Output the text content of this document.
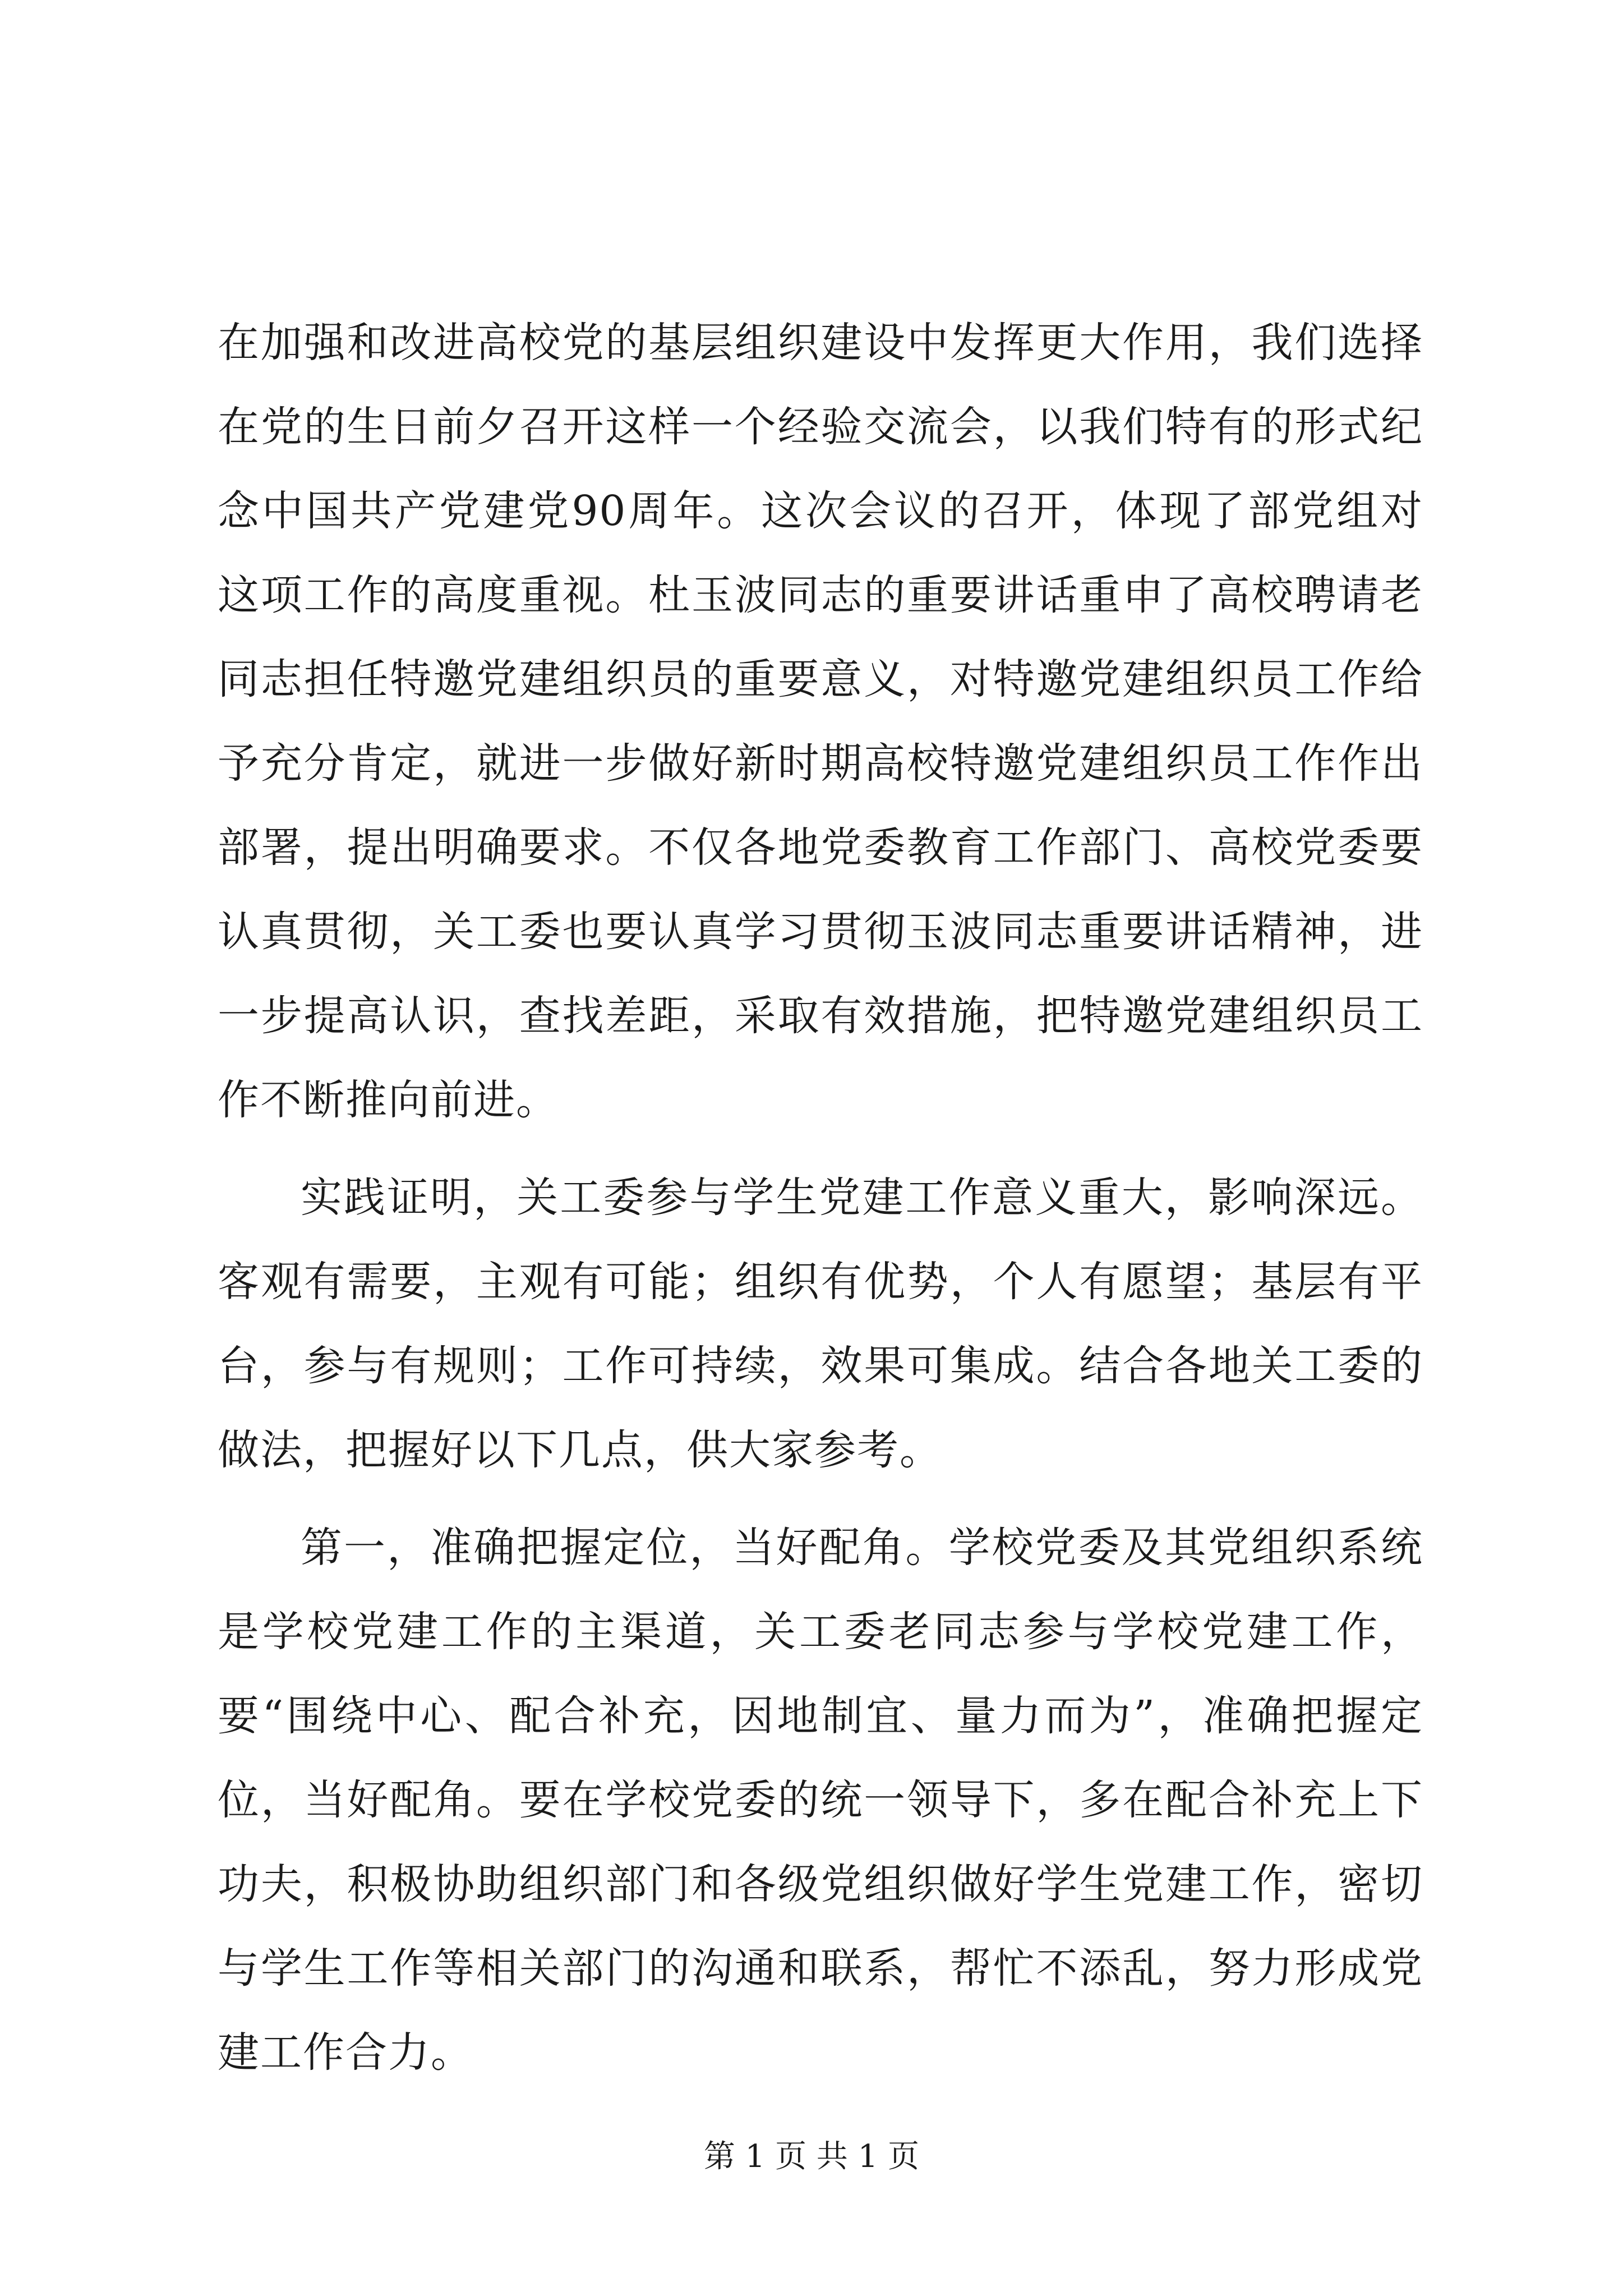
在加强和改进高校党的基层组织建设中发挥更大作用，我们选择在党的生日前夕召开这样一个经验交流会，以我们特有的形式纪念中国共产党建党90周年。这次会议的召开，体现了部党组对这项工作的高度重视。杜玉波同志的重要讲话重申了高校聘请老同志担任特邀党建组织员的重要意义，对特邀党建组织员工作给予充分肯定，就进一步做好新时期高校特邀党建组织员工作作出部署，提出明确要求。不仅各地党委教育工作部门、高校党委要认真贯彻，关工委也要认真学习贯彻玉波同志重要讲话精神，进一步提高认识，查找差距，采取有效措施，把特邀党建组织员工作不断推向前进。

实践证明，关工委参与学生党建工作意义重大，影响深远。客观有需要，主观有可能；组织有优势，个人有愿望；基层有平台，参与有规则；工作可持续，效果可集成。结合各地关工委的做法，把握好以下几点，供大家参考。

第一，准确把握定位，当好配角。学校党委及其党组织系统是学校党建工作的主渠道，关工委老同志参与学校党建工作，要“围绕中心、配合补充，因地制宜、量力而为”，准确把握定位，当好配角。要在学校党委的统一领导下，多在配合补充上下功夫，积极协助组织部门和各级党组织做好学生党建工作，密切与学生工作等相关部门的沟通和联系，帮忙不添乱，努力形成党建工作合力。

第 1 页 共 1 页
